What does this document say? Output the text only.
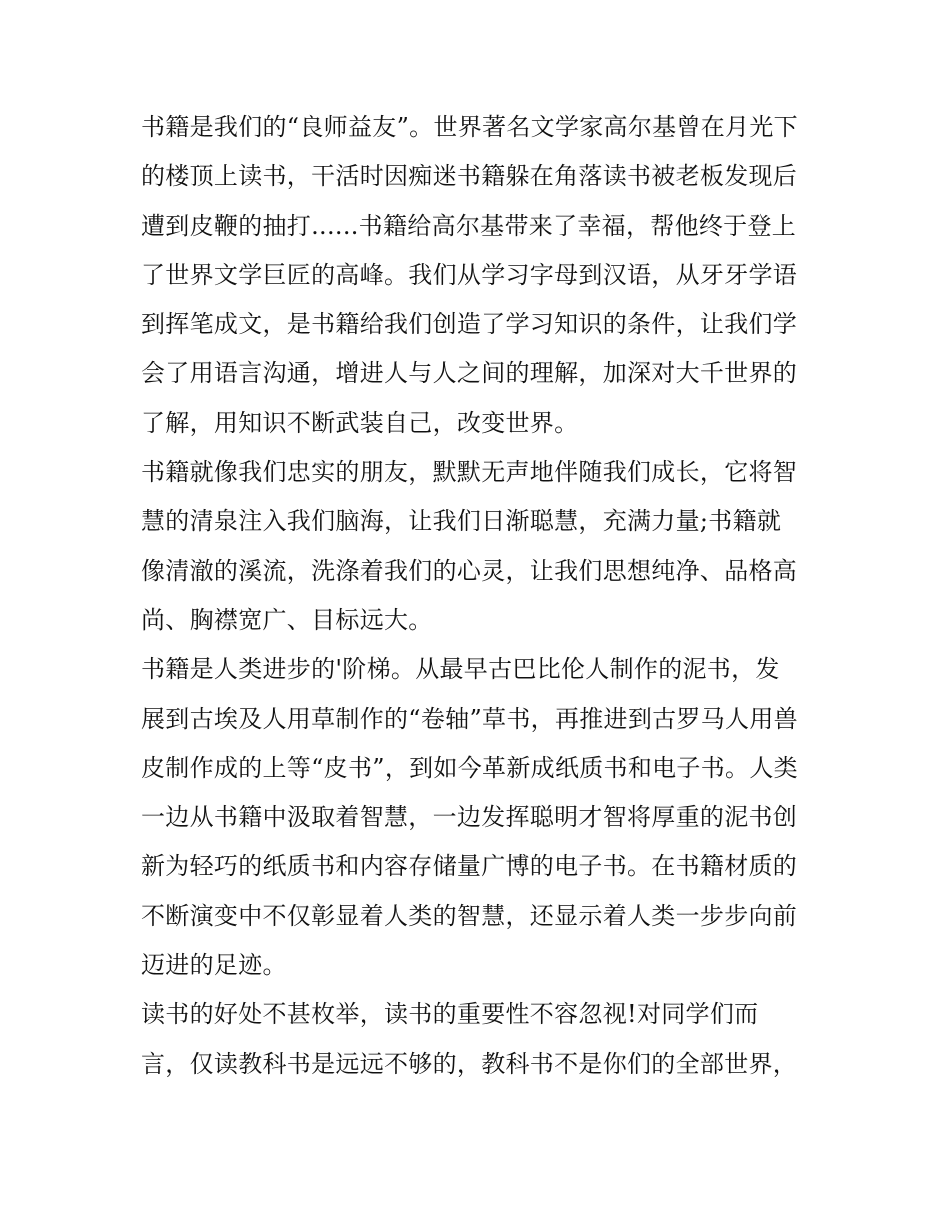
书籍是我们的“良师益友”。世界著名文学家高尔基曾在月光下
的楼顶上读书，干活时因痴迷书籍躲在角落读书被老板发现后
遭到皮鞭的抽打......书籍给高尔基带来了幸福，帮他终于登上
了世界文学巨匠的高峰。我们从学习字母到汉语，从牙牙学语
到挥笔成文，是书籍给我们创造了学习知识的条件，让我们学
会了用语言沟通，增进人与人之间的理解，加深对大千世界的
了解，用知识不断武装自己，改变世界。
书籍就像我们忠实的朋友，默默无声地伴随我们成长，它将智
慧的清泉注入我们脑海，让我们日渐聪慧，充满力量;书籍就
像清澈的溪流，洗涤着我们的心灵，让我们思想纯净、品格高
尚、胸襟宽广、目标远大。
书籍是人类进步的'阶梯。从最早古巴比伦人制作的泥书，发
展到古埃及人用草制作的“卷轴”草书，再推进到古罗马人用兽
皮制作成的上等“皮书”，到如今革新成纸质书和电子书。人类
一边从书籍中汲取着智慧，一边发挥聪明才智将厚重的泥书创
新为轻巧的纸质书和内容存储量广博的电子书。在书籍材质的
不断演变中不仅彰显着人类的智慧，还显示着人类一步步向前
迈进的足迹。
读书的好处不甚枚举，读书的重要性不容忽视!对同学们而
言，仅读教科书是远远不够的，教科书不是你们的全部世界，
